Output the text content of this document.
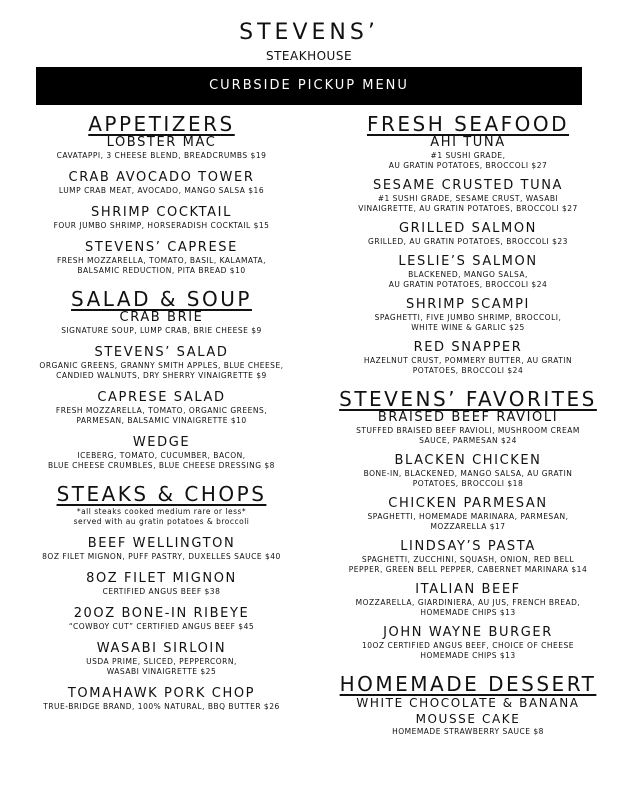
STEVENS’
STEAKHOUSE
CURBSIDE PICKUP MENU
APPETIZERS
LOBSTER MAC
CAVATAPPI, 3 CHEESE BLEND, BREADCRUMBS $19
CRAB AVOCADO TOWER
LUMP CRAB MEAT, AVOCADO, MANGO SALSA $16
SHRIMP COCKTAIL
FOUR JUMBO SHRIMP, HORSERADISH COCKTAIL $15
STEVENS’ CAPRESE
FRESH MOZZARELLA, TOMATO, BASIL, KALAMATA,
BALSAMIC REDUCTION, PITA BREAD $10
SALAD & SOUP
CRAB BRIE
SIGNATURE SOUP, LUMP CRAB, BRIE CHEESE $9
STEVENS’ SALAD
ORGANIC GREENS, GRANNY SMITH APPLES, BLUE CHEESE,
CANDIED WALNUTS, DRY SHERRY VINAIGRETTE $9
CAPRESE SALAD
FRESH MOZZARELLA, TOMATO, ORGANIC GREENS,
PARMESAN, BALSAMIC VINAIGRETTE $10
WEDGE
ICEBERG, TOMATO, CUCUMBER, BACON,
BLUE CHEESE CRUMBLES, BLUE CHEESE DRESSING $8
STEAKS & CHOPS
*all steaks cooked medium rare or less*
served with au gratin potatoes & broccoli
BEEF WELLINGTON
8OZ FILET MIGNON, PUFF PASTRY, DUXELLES SAUCE $40
8OZ FILET MIGNON
CERTIFIED ANGUS BEEF $38
20OZ BONE-IN RIBEYE
“COWBOY CUT” CERTIFIED ANGUS BEEF $45
WASABI SIRLOIN
USDA PRIME, SLICED, PEPPERCORN,
WASABI VINAIGRETTE $25
TOMAHAWK PORK CHOP
TRUE-BRIDGE BRAND, 100% NATURAL, BBQ BUTTER $26
FRESH SEAFOOD
AHI TUNA
#1 SUSHI GRADE,
AU GRATIN POTATOES, BROCCOLI $27
SESAME CRUSTED TUNA
#1 SUSHI GRADE, SESAME CRUST, WASABI
VINAIGRETTE, AU GRATIN POTATOES, BROCCOLI $27
GRILLED SALMON
GRILLED, AU GRATIN POTATOES, BROCCOLI $23
LESLIE’S SALMON
BLACKENED, MANGO SALSA,
AU GRATIN POTATOES, BROCCOLI $24
SHRIMP SCAMPI
SPAGHETTI, FIVE JUMBO SHRIMP, BROCCOLI,
WHITE WINE & GARLIC $25
RED SNAPPER
HAZELNUT CRUST, POMMERY BUTTER, AU GRATIN
POTATOES, BROCCOLI $24
STEVENS’ FAVORITES
BRAISED BEEF RAVIOLI
STUFFED BRAISED BEEF RAVIOLI, MUSHROOM CREAM
SAUCE, PARMESAN $24
BLACKEN CHICKEN
BONE-IN, BLACKENED, MANGO SALSA, AU GRATIN
POTATOES, BROCCOLI $18
CHICKEN PARMESAN
SPAGHETTI, HOMEMADE MARINARA, PARMESAN,
MOZZARELLA $17
LINDSAY’S PASTA
SPAGHETTI, ZUCCHINI, SQUASH, ONION, RED BELL
PEPPER, GREEN BELL PEPPER, CABERNET MARINARA $14
ITALIAN BEEF
MOZZARELLA, GIARDINIERA, AU JUS, FRENCH BREAD,
HOMEMADE CHIPS $13
JOHN WAYNE BURGER
10OZ CERTIFIED ANGUS BEEF, CHOICE OF CHEESE
HOMEMADE CHIPS $13
HOMEMADE DESSERT
WHITE CHOCOLATE & BANANA
MOUSSE CAKE
HOMEMADE STRAWBERRY SAUCE $8
